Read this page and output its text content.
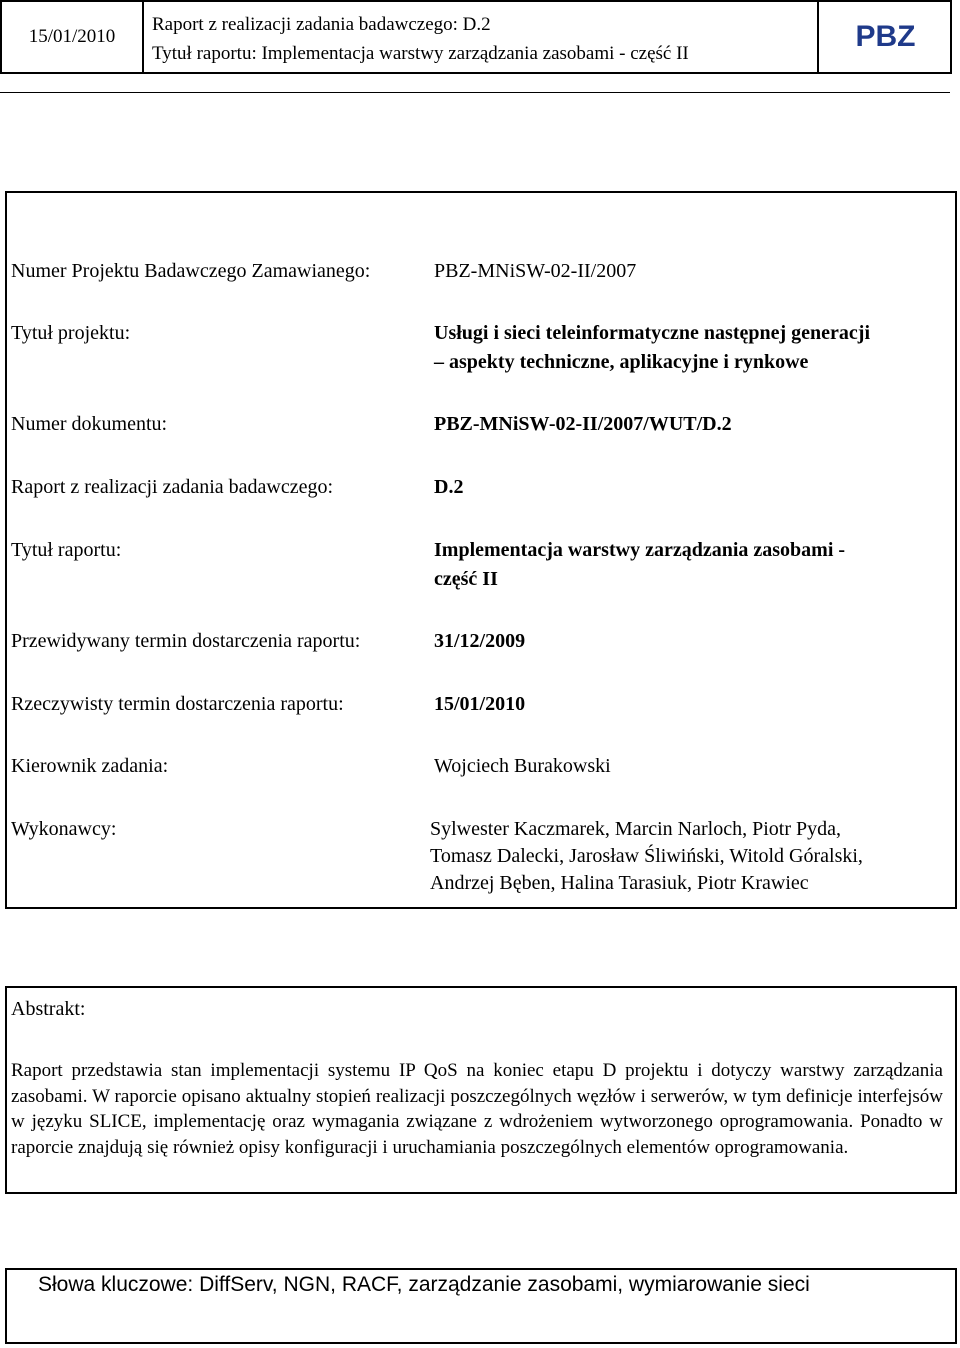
15/01/2010
Raport z realizacji zadania badawczego: D.2
Tytuł raportu: Implementacja warstwy zarządzania zasobami - część II
PBZ
Numer Projektu Badawczego Zamawianego:	PBZ-MNiSW-02-II/2007
Tytuł projektu:	Usługi i sieci teleinformatyczne następnej generacji
– aspekty techniczne, aplikacyjne i rynkowe
Numer dokumentu:	PBZ-MNiSW-02-II/2007/WUT/D.2
Raport z realizacji zadania badawczego:	D.2
Tytuł raportu:	Implementacja warstwy zarządzania zasobami -
część II
Przewidywany termin dostarczenia raportu:	31/12/2009
Rzeczywisty termin dostarczenia raportu:	15/01/2010
Kierownik zadania:	Wojciech Burakowski
Wykonawcy:	Sylwester Kaczmarek, Marcin Narloch, Piotr Pyda,
Tomasz Dalecki, Jarosław Śliwiński, Witold Góralski,
Andrzej Bęben, Halina Tarasiuk, Piotr Krawiec
Abstrakt:
Raport przedstawia stan implementacji systemu IP QoS na koniec etapu D projektu i dotyczy warstwy zarządzania zasobami. W raporcie opisano aktualny stopień realizacji poszczególnych węzłów i serwerów, w tym definicje interfejsów w języku SLICE, implementację oraz wymagania związane z wdrożeniem wytworzonego oprogramowania. Ponadto w raporcie znajdują się również opisy konfiguracji i uruchamiania poszczególnych elementów oprogramowania.
Słowa kluczowe: DiffServ, NGN, RACF, zarządzanie zasobami, wymiarowanie sieci
